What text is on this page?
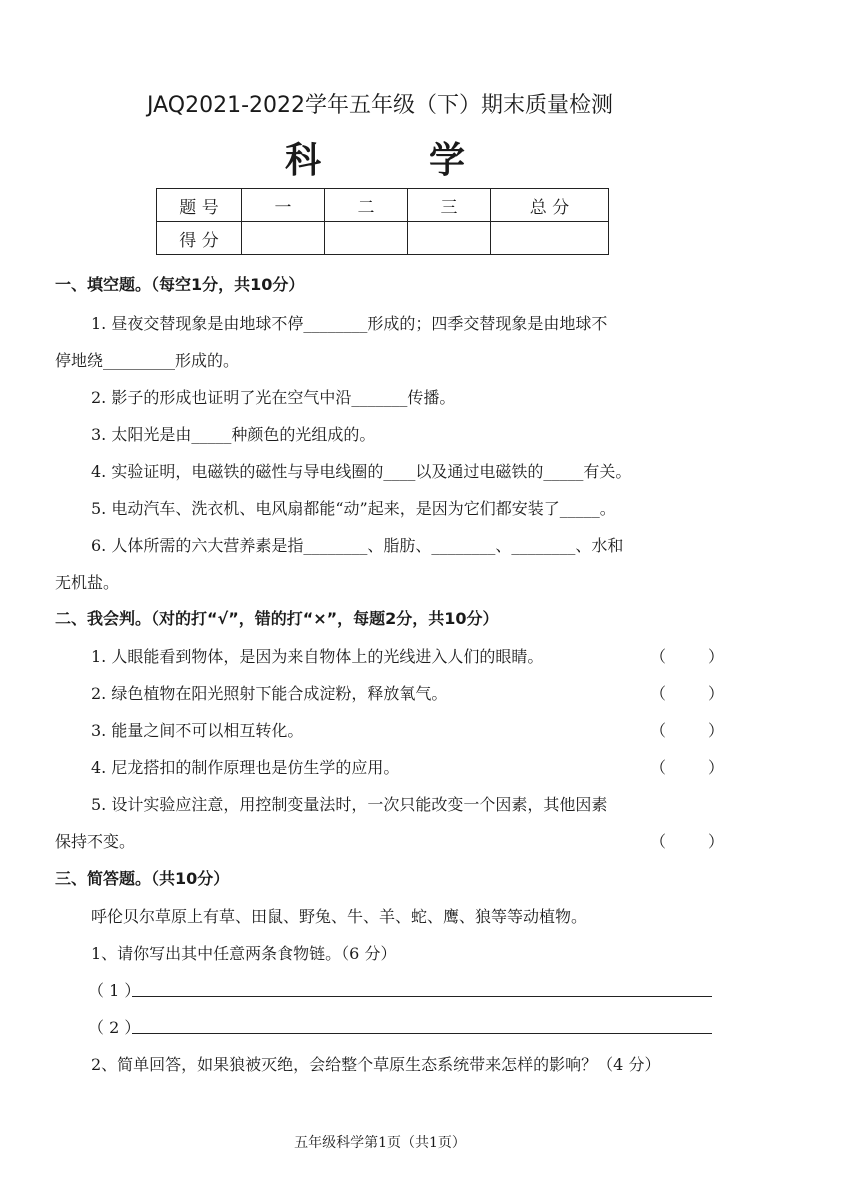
JAQ2021-2022学年五年级（下）期末质量检测
科	学
题 号	一	二	三	总 分
得 分				
一、填空题。（每空1分，共10分）
1. 昼夜交替现象是由地球不停________形成的；四季交替现象是由地球不
停地绕_________形成的。
2. 影子的形成也证明了光在空气中沿_______传播。
3. 太阳光是由_____种颜色的光组成的。
4. 实验证明，电磁铁的磁性与导电线圈的____以及通过电磁铁的_____有关。
5. 电动汽车、洗衣机、电风扇都能“动”起来，是因为它们都安装了_____。
6. 人体所需的六大营养素是指________、脂肪、________、________、水和
无机盐。
二、我会判。（对的打“√”，错的打“×”，每题2分，共10分）
1. 人眼能看到物体，是因为来自物体上的光线进入人们的眼睛。	（	）
2. 绿色植物在阳光照射下能合成淀粉，释放氧气。	（	）
3. 能量之间不可以相互转化。	（	）
4. 尼龙搭扣的制作原理也是仿生学的应用。	（	）
5. 设计实验应注意，用控制变量法时，一次只能改变一个因素，其他因素
保持不变。	（	）
三、简答题。（共10分）
呼伦贝尔草原上有草、田鼠、野兔、牛、羊、蛇、鹰、狼等等动植物。
1、请你写出其中任意两条食物链。（6 分）
（ 1 ）
（ 2 ）
2、简单回答，如果狼被灭绝，会给整个草原生态系统带来怎样的影响？（4 分）
五年级科学第1页（共1页）
